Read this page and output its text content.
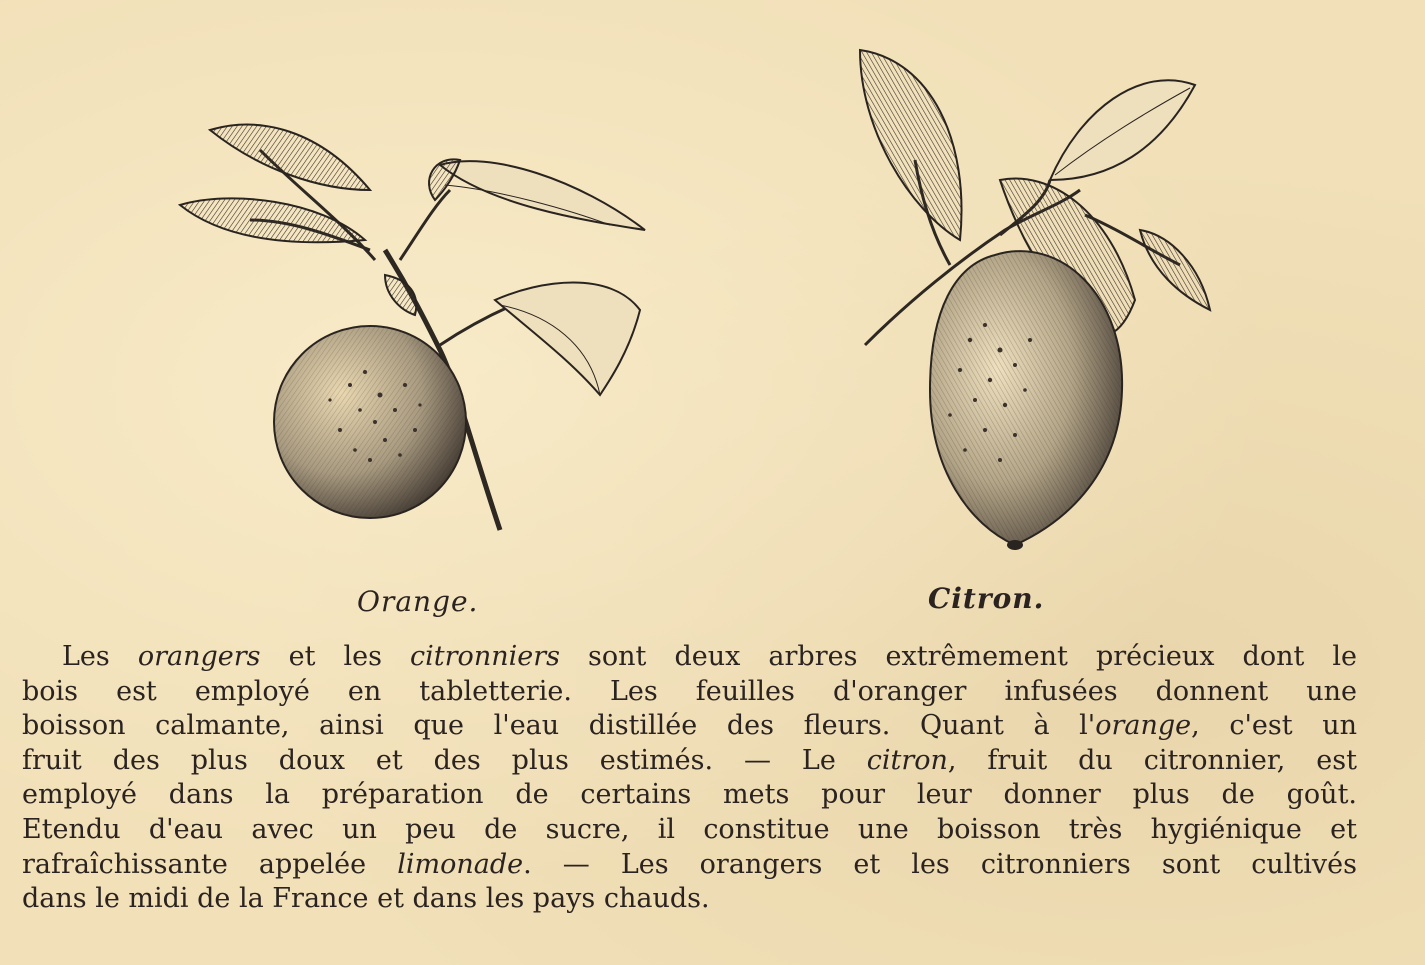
Orange.	Citron.
Les orangers et les citronniers sont deux arbres extrêmement précieux dont le
bois est employé en tabletterie. Les feuilles d'oranger infusées donnent une
boisson calmante, ainsi que l'eau distillée des fleurs. Quant à l'orange, c'est un
fruit des plus doux et des plus estimés. — Le citron, fruit du citronnier, est
employé dans la préparation de certains mets pour leur donner plus de goût.
Etendu d'eau avec un peu de sucre, il constitue une boisson très hygiénique et
rafraîchissante appelée limonade. — Les orangers et les citronniers sont cultivés
dans le midi de la France et dans les pays chauds.
